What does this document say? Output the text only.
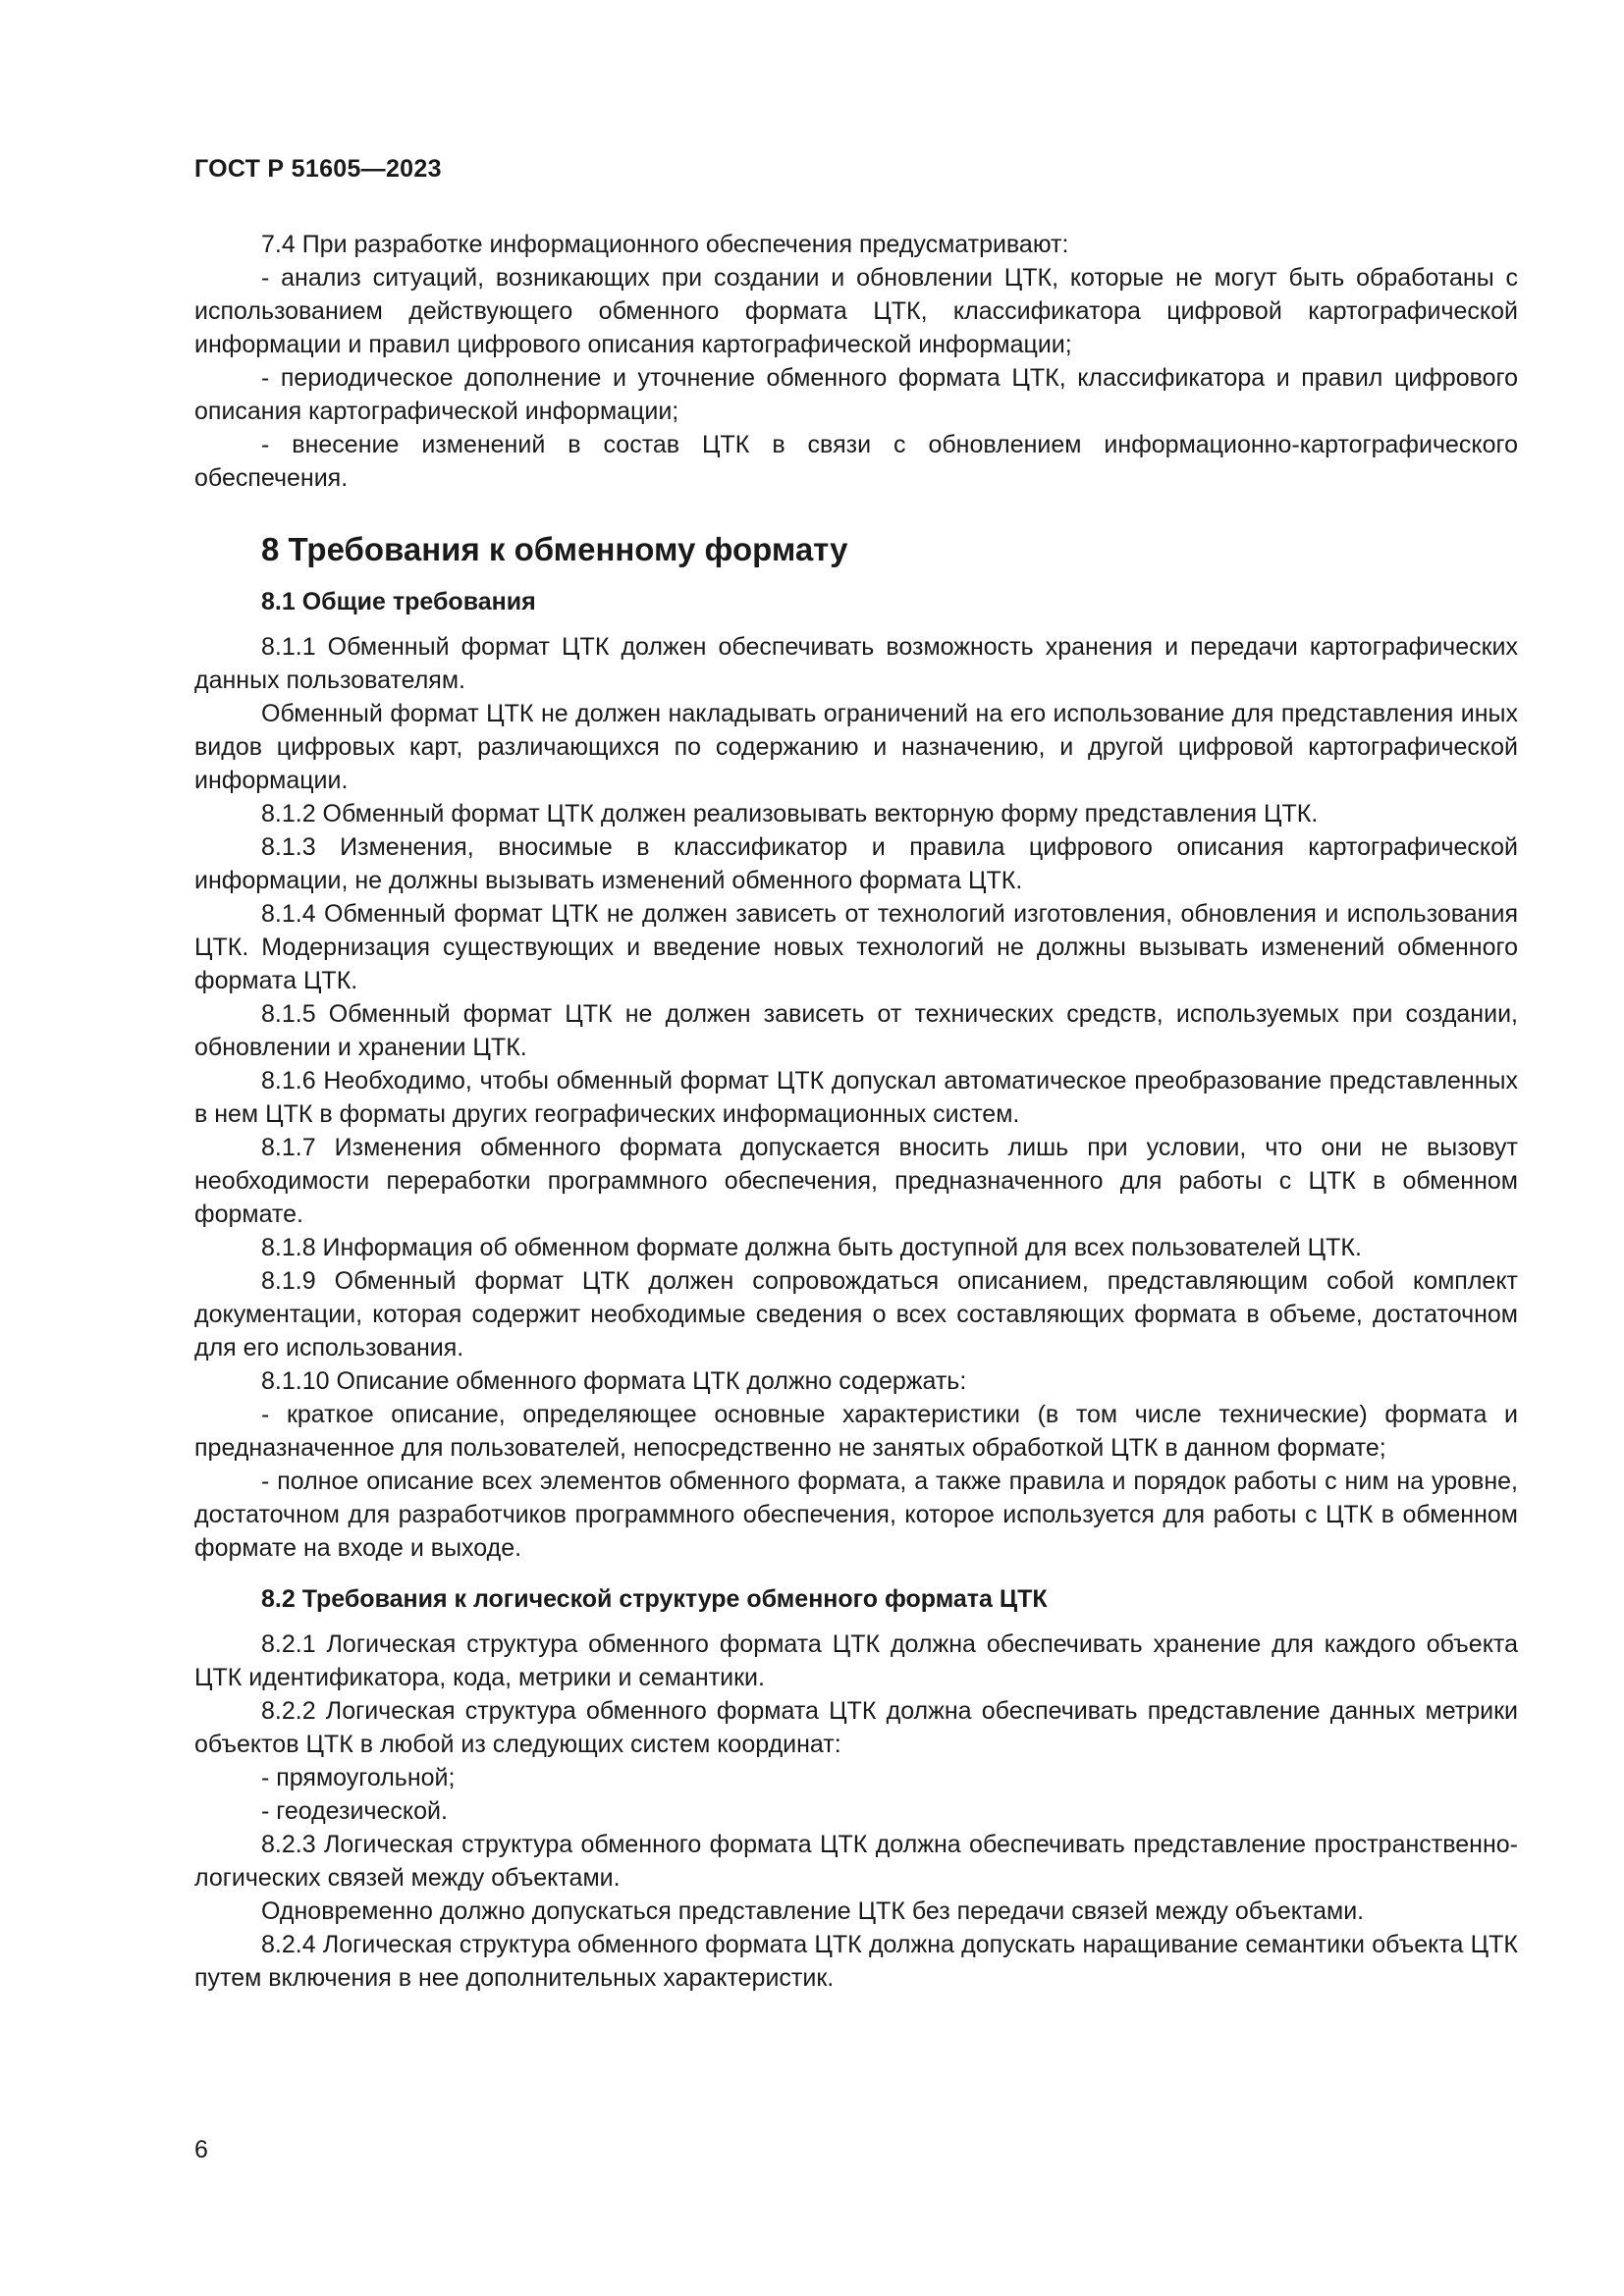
ГОСТ Р 51605—2023

7.4 При разработке информационного обеспечения предусматривают:

- анализ ситуаций, возникающих при создании и обновлении ЦТК, которые не могут быть обработаны с использованием действующего обменного формата ЦТК, классификатора цифровой картографической информации и правил цифрового описания картографической информации;

- периодическое дополнение и уточнение обменного формата ЦТК, классификатора и правил цифрового описания картографической информации;

- внесение изменений в состав ЦТК в связи с обновлением информационно-картографического обеспечения.

8 Требования к обменному формату
8.1 Общие требования

8.1.1 Обменный формат ЦТК должен обеспечивать возможность хранения и передачи картографических данных пользователям.

Обменный формат ЦТК не должен накладывать ограничений на его использование для представления иных видов цифровых карт, различающихся по содержанию и назначению, и другой цифровой картографической информации.

8.1.2 Обменный формат ЦТК должен реализовывать векторную форму представления ЦТК.

8.1.3 Изменения, вносимые в классификатор и правила цифрового описания картографической информации, не должны вызывать изменений обменного формата ЦТК.

8.1.4 Обменный формат ЦТК не должен зависеть от технологий изготовления, обновления и использования ЦТК. Модернизация существующих и введение новых технологий не должны вызывать изменений обменного формата ЦТК.

8.1.5 Обменный формат ЦТК не должен зависеть от технических средств, используемых при создании, обновлении и хранении ЦТК.

8.1.6 Необходимо, чтобы обменный формат ЦТК допускал автоматическое преобразование представленных в нем ЦТК в форматы других географических информационных систем.

8.1.7 Изменения обменного формата допускается вносить лишь при условии, что они не вызовут необходимости переработки программного обеспечения, предназначенного для работы с ЦТК в обменном формате.

8.1.8 Информация об обменном формате должна быть доступной для всех пользователей ЦТК.

8.1.9 Обменный формат ЦТК должен сопровождаться описанием, представляющим собой комплект документации, которая содержит необходимые сведения о всех составляющих формата в объеме, достаточном для его использования.

8.1.10 Описание обменного формата ЦТК должно содержать:

- краткое описание, определяющее основные характеристики (в том числе технические) формата и предназначенное для пользователей, непосредственно не занятых обработкой ЦТК в данном формате;

- полное описание всех элементов обменного формата, а также правила и порядок работы с ним на уровне, достаточном для разработчиков программного обеспечения, которое используется для работы с ЦТК в обменном формате на входе и выходе.

8.2 Требования к логической структуре обменного формата ЦТК

8.2.1 Логическая структура обменного формата ЦТК должна обеспечивать хранение для каждого объекта ЦТК идентификатора, кода, метрики и семантики.

8.2.2 Логическая структура обменного формата ЦТК должна обеспечивать представление данных метрики объектов ЦТК в любой из следующих систем координат:

- прямоугольной;

- геодезической.

8.2.3 Логическая структура обменного формата ЦТК должна обеспечивать представление пространственно-логических связей между объектами.

Одновременно должно допускаться представление ЦТК без передачи связей между объектами.

8.2.4 Логическая структура обменного формата ЦТК должна допускать наращивание семантики объекта ЦТК путем включения в нее дополнительных характеристик.

6
